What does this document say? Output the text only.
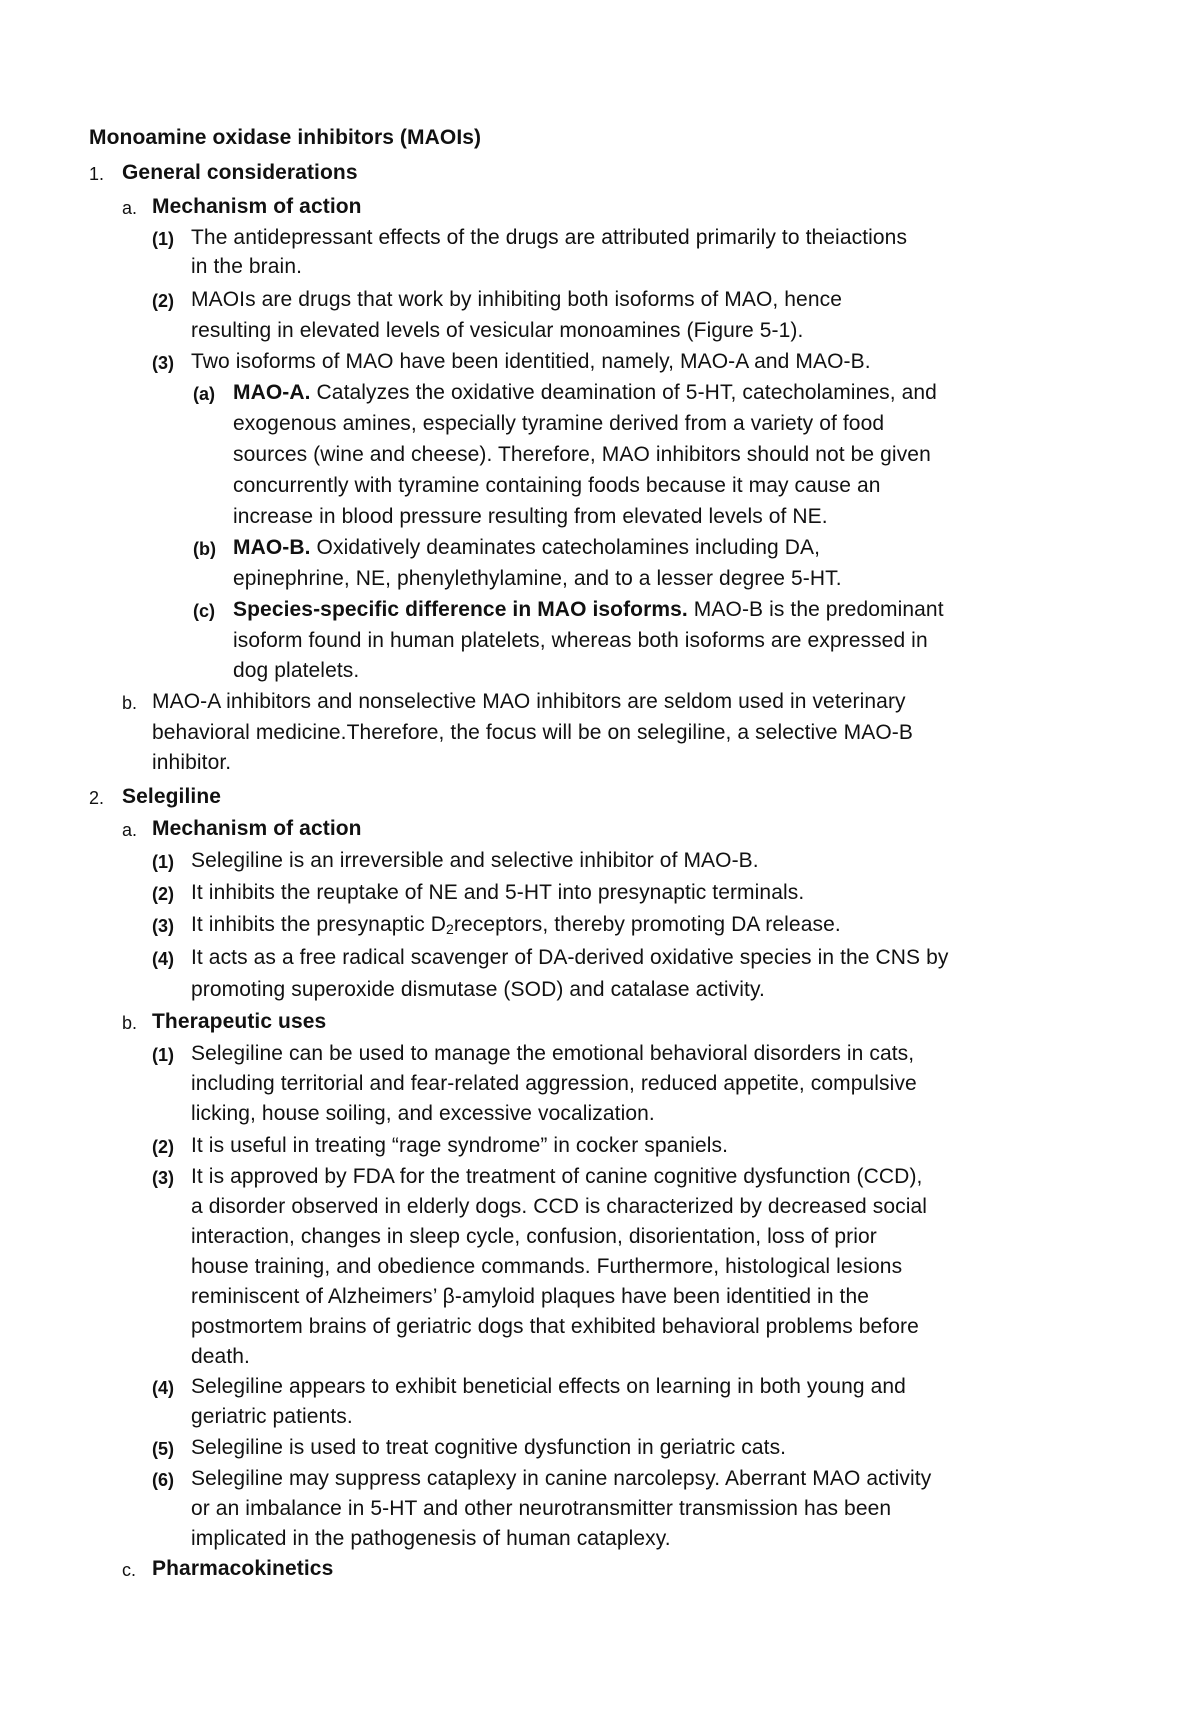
Monoamine oxidase inhibitors (MAOIs)
1. General considerations
a. Mechanism of action
(1) The antidepressant effects of the drugs are attributed primarily to theiactions
in the brain.
(2) MAOIs are drugs that work by inhibiting both isoforms of MAO, hence
resulting in elevated levels of vesicular monoamines (Figure 5-1).
(3) Two isoforms of MAO have been identitied, namely, MAO-A and MAO-B.
(a) MAO-A. Catalyzes the oxidative deamination of 5-HT, catecholamines, and
exogenous amines, especially tyramine derived from a variety of food
sources (wine and cheese). Therefore, MAO inhibitors should not be given
concurrently with tyramine containing foods because it may cause an
increase in blood pressure resulting from elevated levels of NE.
(b) MAO-B. Oxidatively deaminates catecholamines including DA,
epinephrine, NE, phenylethylamine, and to a lesser degree 5-HT.
(c) Species-specific difference in MAO isoforms. MAO-B is the predominant
isoform found in human platelets, whereas both isoforms are expressed in
dog platelets.
b. MAO-A inhibitors and nonselective MAO inhibitors are seldom used in veterinary
behavioral medicine.Therefore, the focus will be on selegiline, a selective MAO-B
inhibitor.
2. Selegiline
a. Mechanism of action
(1) Selegiline is an irreversible and selective inhibitor of MAO-B.
(2) It inhibits the reuptake of NE and 5-HT into presynaptic terminals.
(3) It inhibits the presynaptic $D_2receptors$, thereby promoting DA release.
(4) It acts as a free radical scavenger of DA-derived oxidative species in the CNS by
promoting superoxide dismutase (SOD) and catalase activity.
b. Therapeutic uses
(1) Selegiline can be used to manage the emotional behavioral disorders in cats,
including territorial and fear-related aggression, reduced appetite, compulsive
licking, house soiling, and excessive vocalization.
(2) It is useful in treating “rage syndrome” in cocker spaniels.
(3) It is approved by FDA for the treatment of canine cognitive dysfunction (CCD),
a disorder observed in elderly dogs. CCD is characterized by decreased social
interaction, changes in sleep cycle, confusion, disorientation, loss of prior
house training, and obedience commands. Furthermore, histological lesions
reminiscent of Alzheimers’ β-amyloid plaques have been identitied in the
postmortem brains of geriatric dogs that exhibited behavioral problems before
death.
(4) Selegiline appears to exhibit beneticial effects on learning in both young and
geriatric patients.
(5) Selegiline is used to treat cognitive dysfunction in geriatric cats.
(6) Selegiline may suppress cataplexy in canine narcolepsy. Aberrant MAO activity
or an imbalance in 5-HT and other neurotransmitter transmission has been
implicated in the pathogenesis of human cataplexy.
c. Pharmacokinetics
